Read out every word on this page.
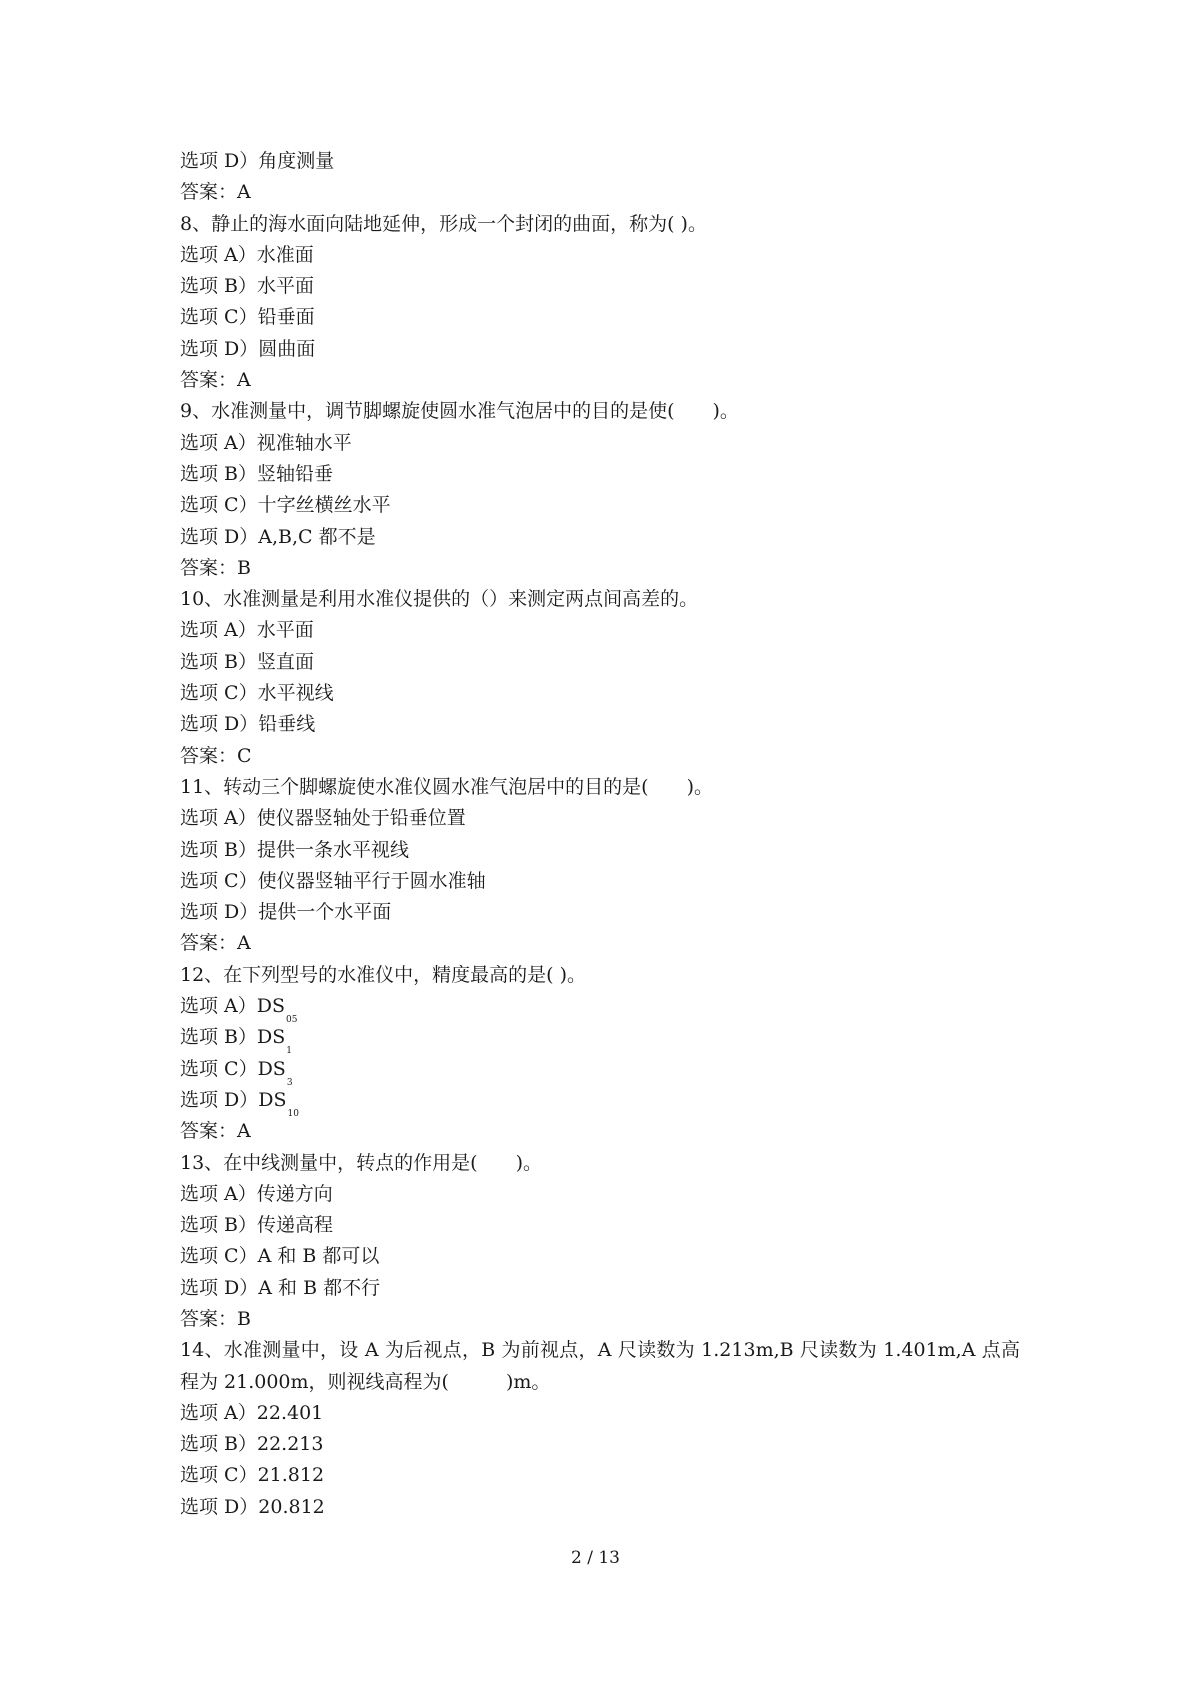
选项 D）角度测量
答案：A
8、静止的海水面向陆地延伸，形成一个封闭的曲面，称为( )。
选项 A）水准面
选项 B）水平面
选项 C）铅垂面
选项 D）圆曲面
答案：A
9、水准测量中，调节脚螺旋使圆水准气泡居中的目的是使(　　)。
选项 A）视准轴水平
选项 B）竖轴铅垂
选项 C）十字丝横丝水平
选项 D）A,B,C 都不是
答案：B
10、水准测量是利用水准仪提供的（）来测定两点间高差的。
选项 A）水平面
选项 B）竖直面
选项 C）水平视线
选项 D）铅垂线
答案：C
11、转动三个脚螺旋使水准仪圆水准气泡居中的目的是(　　)。
选项 A）使仪器竖轴处于铅垂位置
选项 B）提供一条水平视线
选项 C）使仪器竖轴平行于圆水准轴
选项 D）提供一个水平面
答案：A
12、在下列型号的水准仪中，精度最高的是( )。
选项 $A)DS_{05}$
选项 $B)DS_1$
选项 $C)DS_3$
选项 $D)DS_{10}$
答案：A
13、在中线测量中，转点的作用是(　　)。
选项 A）传递方向
选项 B）传递高程
选项 C）A 和 B 都可以
选项 D）A 和 B 都不行
答案：B
14、水准测量中，设 A 为后视点，B 为前视点，A 尺读数为 1.213m,B 尺读数为 1.401m,A 点高程为 21.000m，则视线高程为(　　　)m。
选项 A）22.401
选项 B）22.213
选项 C）21.812
选项 D）20.812
2 / 13
